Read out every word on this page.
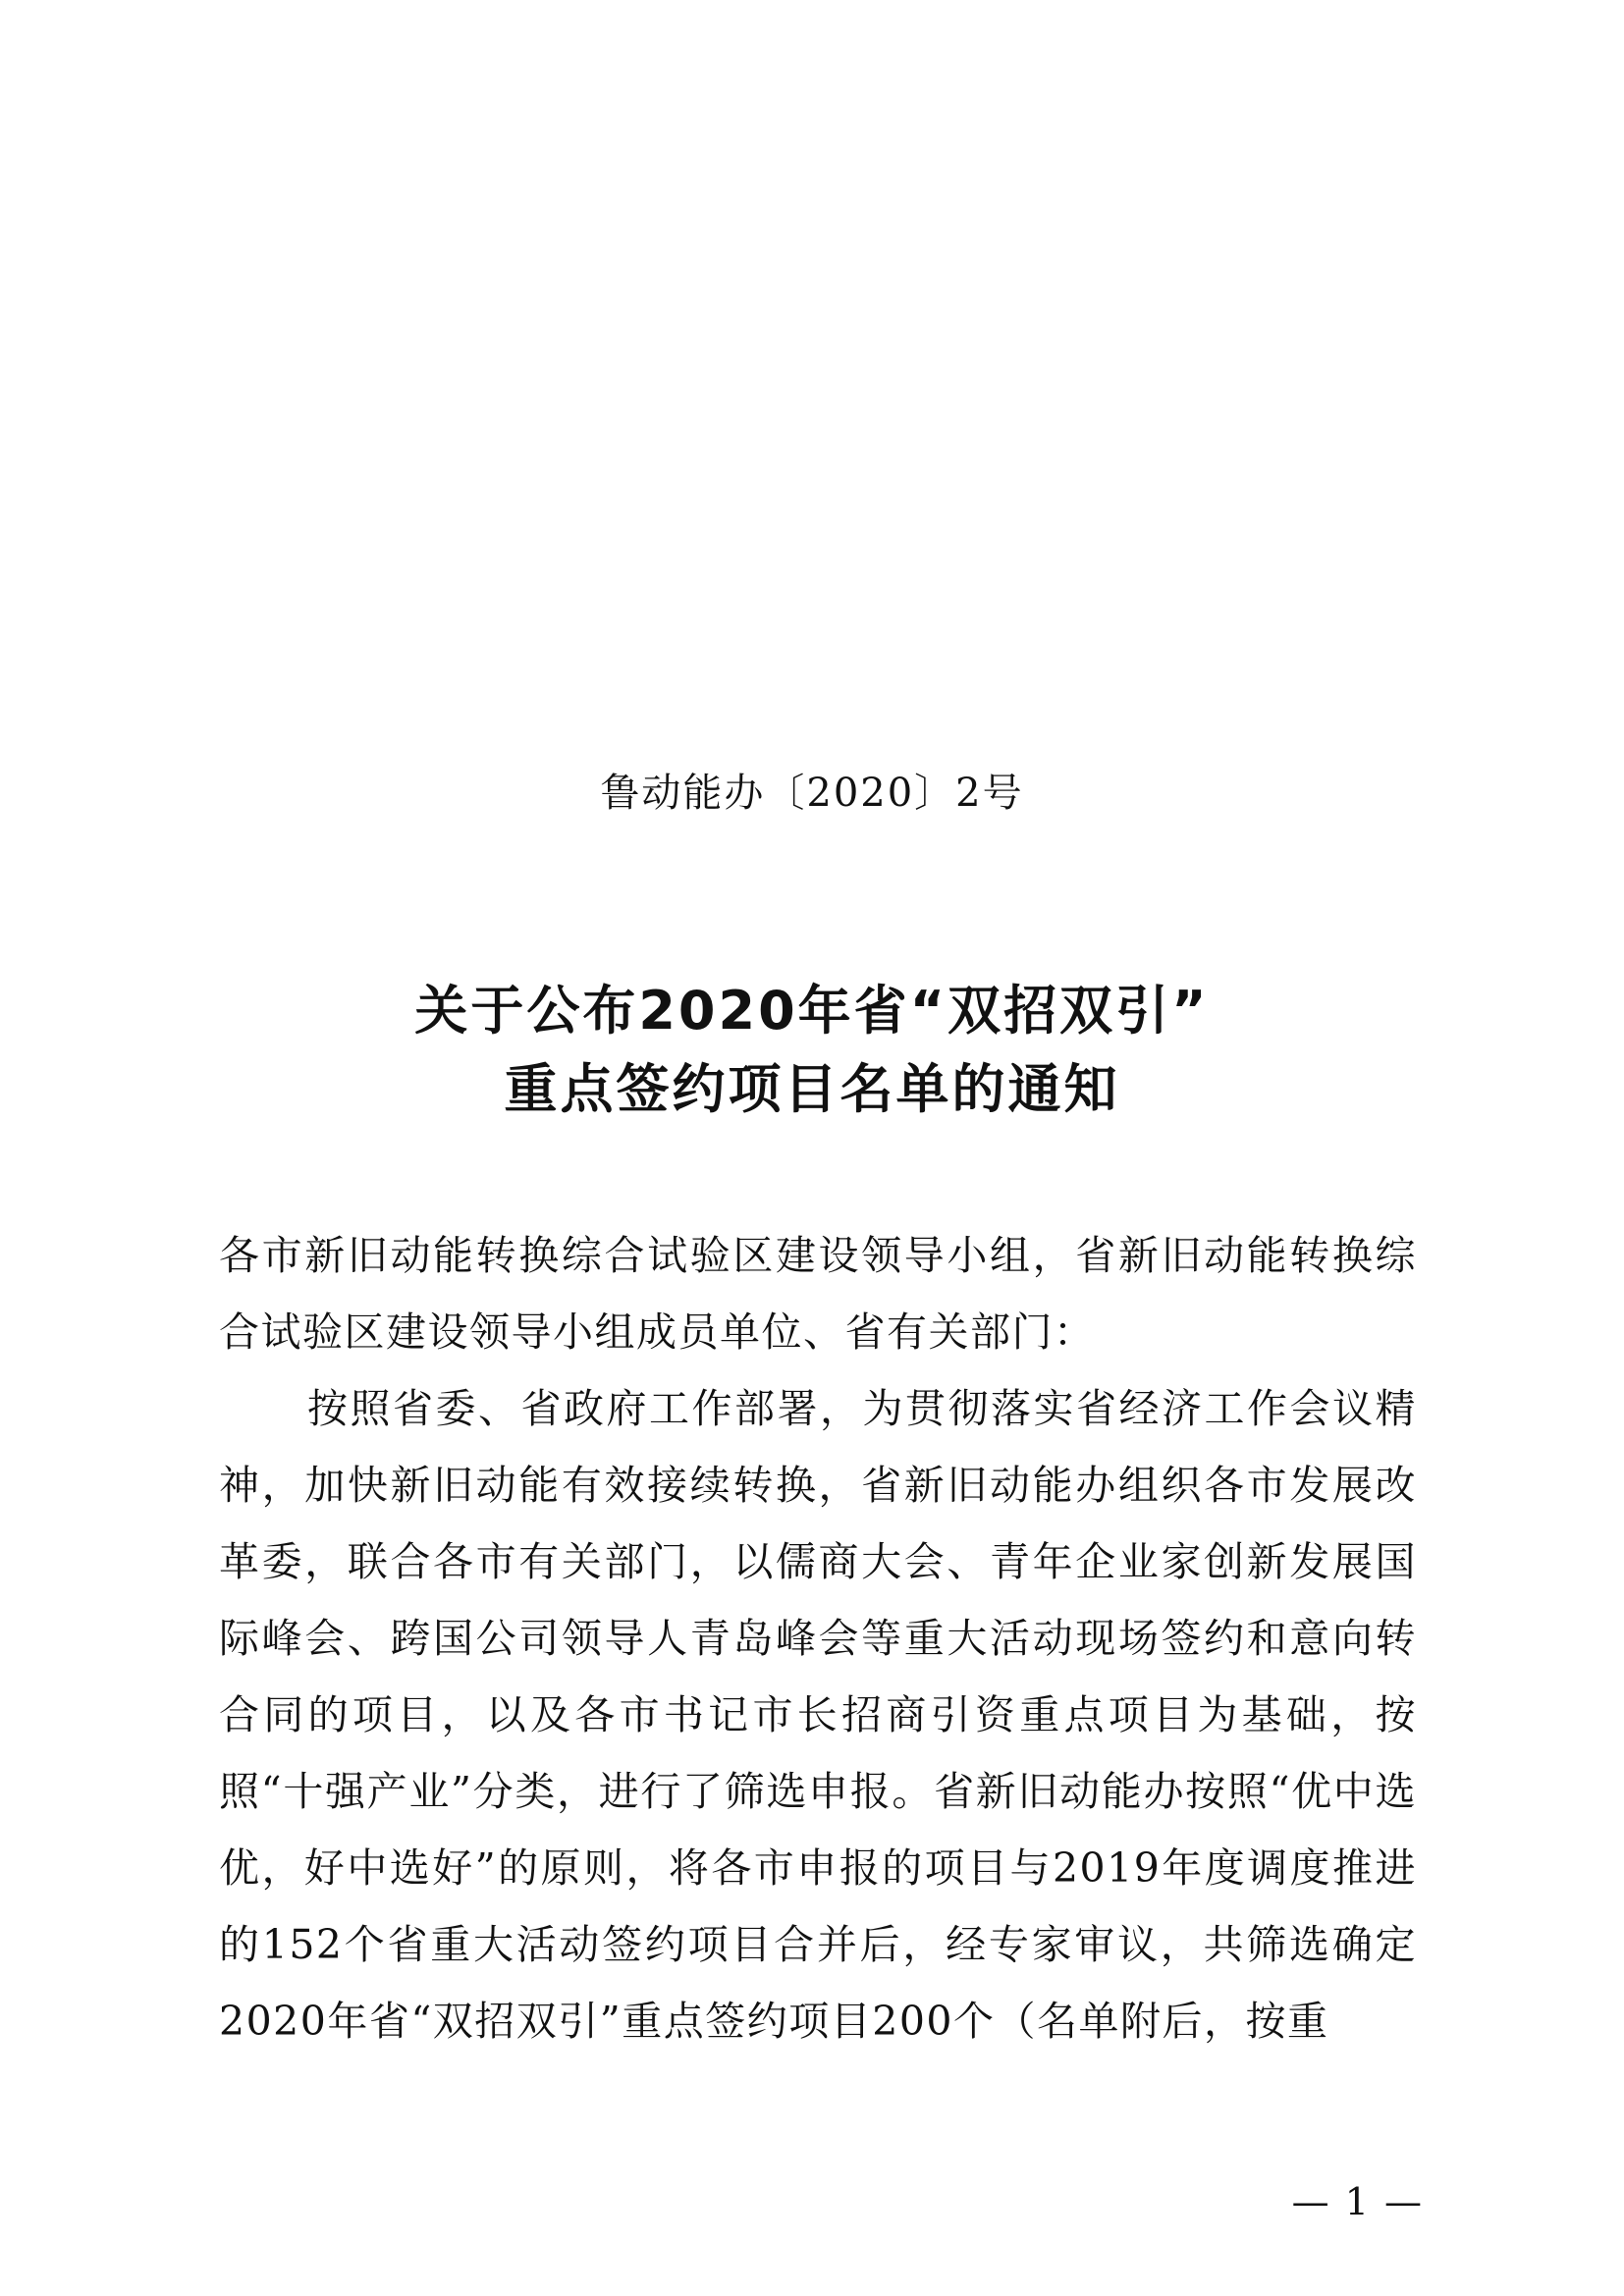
鲁动能办〔2020〕2号
关于公布2020年省“双招双引”
重点签约项目名单的通知

各市新旧动能转换综合试验区建设领导小组，省新旧动能转换综合试验区建设领导小组成员单位、省有关部门：

按照省委、省政府工作部署，为贯彻落实省经济工作会议精神，加快新旧动能有效接续转换，省新旧动能办组织各市发展改革委，联合各市有关部门，以儒商大会、青年企业家创新发展国际峰会、跨国公司领导人青岛峰会等重大活动现场签约和意向转合同的项目，以及各市书记市长招商引资重点项目为基础，按照“十强产业”分类，进行了筛选申报。省新旧动能办按照“优中选优，好中选好”的原则，将各市申报的项目与2019年度调度推进的152个省重大活动签约项目合并后，经专家审议，共筛选确定2020年省“双招双引”重点签约项目200个（名单附后，按重

— 1 —
